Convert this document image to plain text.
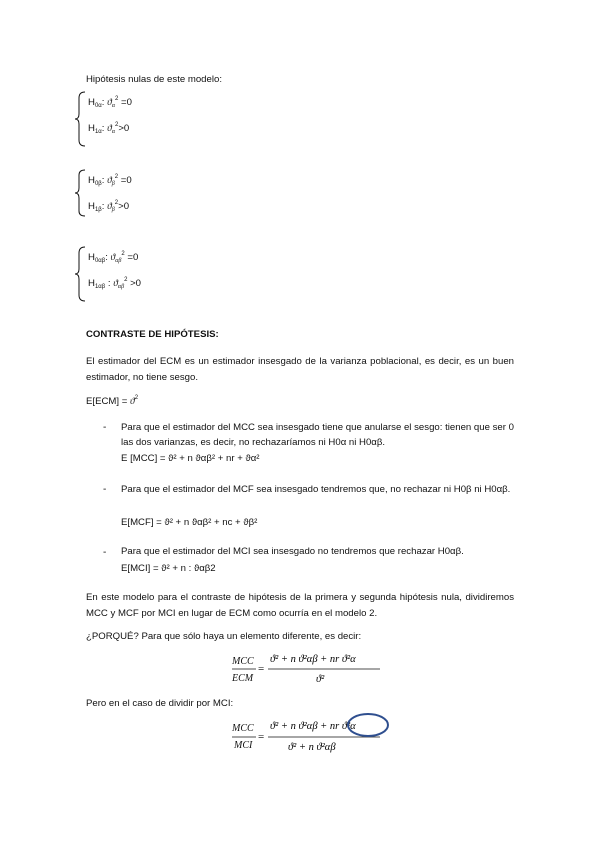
Hipótesis nulas de este modelo:
$H_{0\alpha}$: $ϑ_\alpha^2 =0$
$H_{1\alpha}$: $ϑ_\alpha^2>0$
$H_{0\beta}$: $ϑ_\beta^2 =0$
$H_{1\beta}$: $ϑ_\beta^2>0$
$H_{0\alpha\beta}$: $ϑ_{\alpha\beta}^2 =0$
$H_{1\alpha\beta}$ : $ϑ_{\alpha\beta}^2 >0$
CONTRASTE DE HIPÓTESIS:
El estimador del ECM es un estimador insesgado de la varianza poblacional, es decir, es un buen estimador, no tiene sesgo.
$E[ECM] = ϑ^2$
- Para que el estimador del MCC sea insesgado tiene que anularse el sesgo: tienen que ser 0 las dos varianzas, es decir, no rechazaríamos ni H0α ni H0αβ.
E [MCC] = ϑ² + n ϑαβ² + nr + ϑα²
- Para que el estimador del MCF sea insesgado tendremos que, no rechazar ni H0β ni H0αβ.
E[MCF] = ϑ² + n ϑαβ² + nc + ϑβ²
- Para que el estimador del MCI sea insesgado no tendremos que rechazar H0αβ.
E[MCI] = ϑ² + n : ϑαβ2
En este modelo para el contraste de hipótesis de la primera y segunda hipótesis nula, dividiremos MCC y MCF por MCI en lugar de ECM como ocurría en el modelo 2.
¿PORQUÉ? Para que sólo haya un elemento diferente, es decir:
MCC
ECM
=
ϑ² + n ϑ²αβ + nr ϑ²α
ϑ²
Pero en el caso de dividir por MCI:
MCC
MCI
=
ϑ² + n ϑ²αβ + nr ϑ²α
ϑ² + n ϑ²αβ
